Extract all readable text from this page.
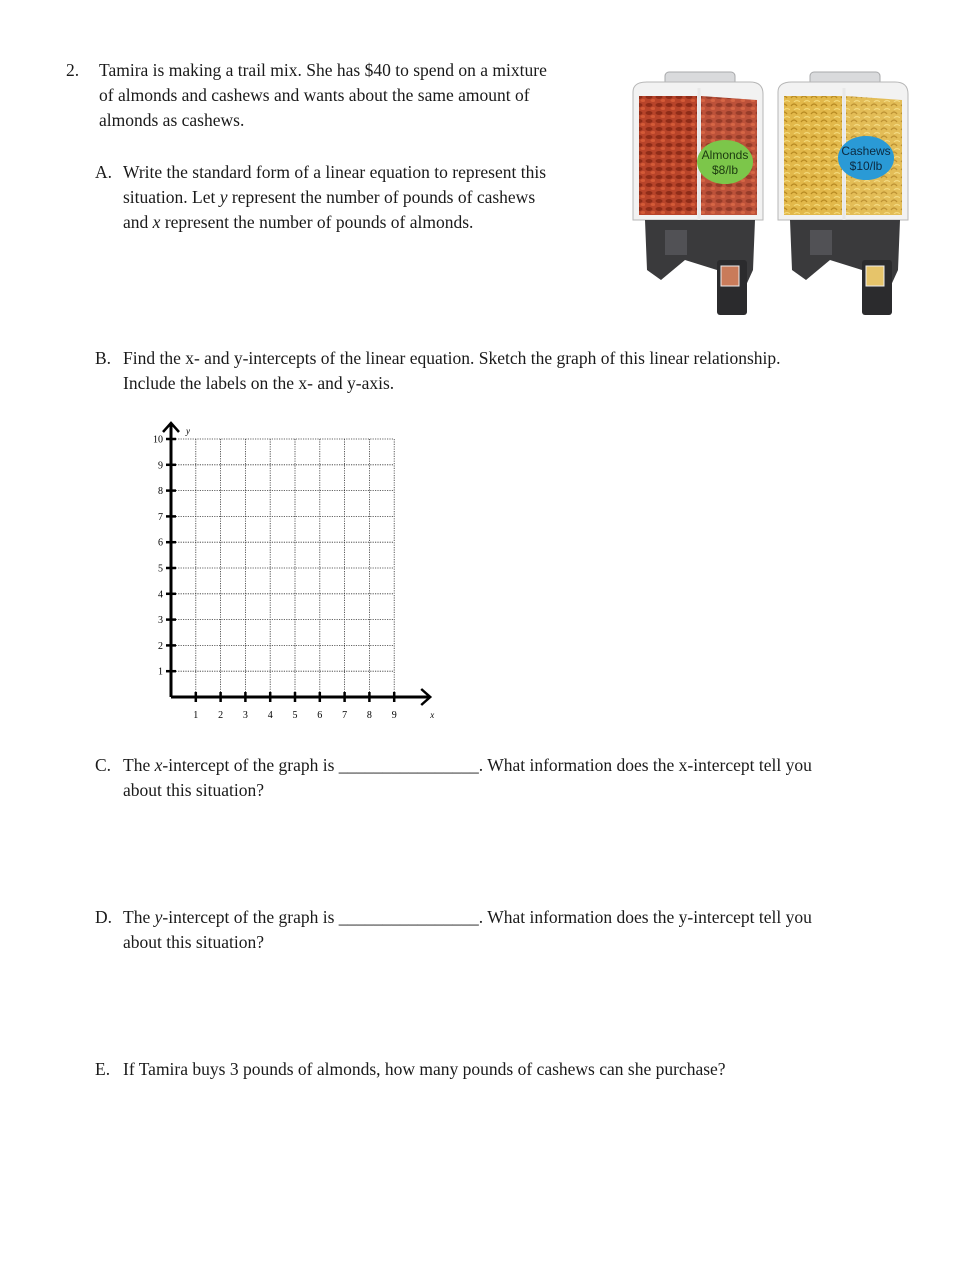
2. Tamira is making a trail mix. She has $40 to spend on a mixture
of almonds and cashews and wants about the same amount of
almonds as cashews.
A. Write the standard form of a linear equation to represent this
situation. Let y represent the number of pounds of cashews
and x represent the number of pounds of almonds.
Almonds
$8/lb
Cashews
$10/lb
B. Find the x- and y-intercepts of the linear equation. Sketch the graph of this linear relationship.
Include the labels on the x- and y-axis.
1 2 3 4 5 6 7 8 9
1
2
3
4
5
6
7
8
9
10
x
y
C. The x-intercept of the graph is ________________. What information does the x-intercept tell you
about this situation?
D. The y-intercept of the graph is ________________. What information does the y-intercept tell you
about this situation?
E. If Tamira buys 3 pounds of almonds, how many pounds of cashews can she purchase?
